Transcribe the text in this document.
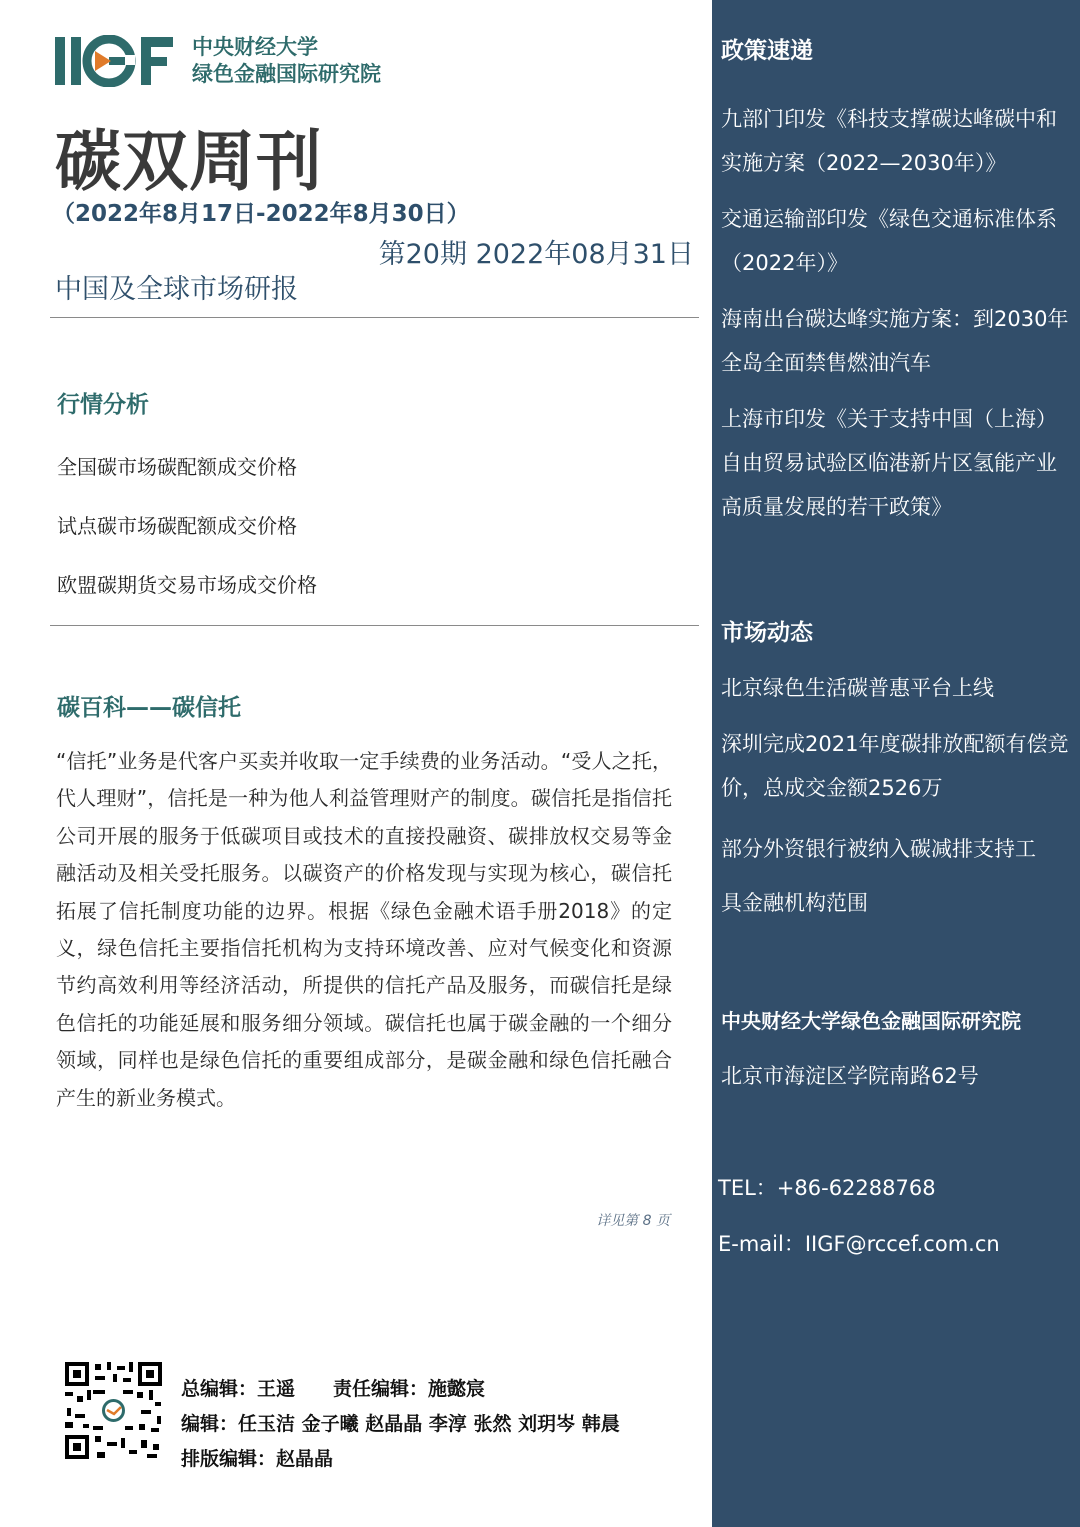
中央财经大学
绿色金融国际研究院
碳双周刊
（2022年8月17日-2022年8月30日）
第20期 2022年08月31日
中国及全球市场研报
行情分析
全国碳市场碳配额成交价格
试点碳市场碳配额成交价格
欧盟碳期货交易市场成交价格
碳百科——碳信托
“信托”业务是代客户买卖并收取一定手续费的业务活动。“受人之托，代人理财”，信托是一种为他人利益管理财产的制度。碳信托是指信托公司开展的服务于低碳项目或技术的直接投融资、碳排放权交易等金融活动及相关受托服务。以碳资产的价格发现与实现为核心，碳信托拓展了信托制度功能的边界。根据《绿色金融术语手册2018》的定义，绿色信托主要指信托机构为支持环境改善、应对气候变化和资源节约高效利用等经济活动，所提供的信托产品及服务，而碳信托是绿色信托的功能延展和服务细分领域。碳信托也属于碳金融的一个细分领域，同样也是绿色信托的重要组成部分，是碳金融和绿色信托融合产生的新业务模式。
详见第 8 页
总编辑：王遥　　责任编辑：施懿宸
编辑：任玉洁 金子曦 赵晶晶 李淳 张然 刘玥岑 韩晨
排版编辑：赵晶晶
政策速递
九部门印发《科技支撑碳达峰碳中和实施方案（2022—2030年）》
交通运输部印发《绿色交通标准体系（2022年）》
海南出台碳达峰实施方案：到2030年全岛全面禁售燃油汽车
上海市印发《关于支持中国（上海）自由贸易试验区临港新片区氢能产业高质量发展的若干政策》
市场动态
北京绿色生活碳普惠平台上线
深圳完成2021年度碳排放配额有偿竞价，总成交金额2526万
部分外资银行被纳入碳减排支持工具金融机构范围
中央财经大学绿色金融国际研究院
北京市海淀区学院南路62号
TEL：+86-62288768
E-mail：IIGF@rccef.com.cn
